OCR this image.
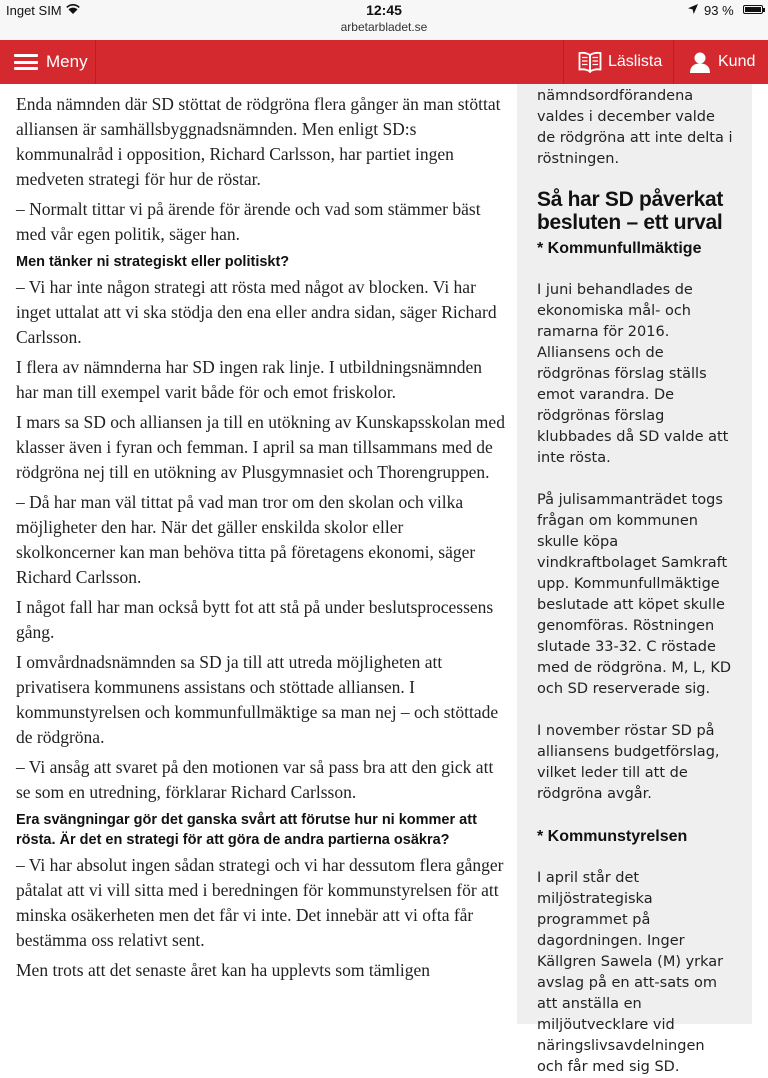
Inget SIM	12:45
arbetarbladet.se
93 %
Meny	Läslista	Kund

Enda nämnden där SD stöttat de rödgröna flera gånger än man stöttat alliansen är samhällsbyggnadsnämnden. Men enligt SD:s kommunalråd i opposition, Richard Carlsson, har partiet ingen medveten strategi för hur de röstar.

– Normalt tittar vi på ärende för ärende och vad som stämmer bäst med vår egen politik, säger han.

Men tänker ni strategiskt eller politiskt?

– Vi har inte någon strategi att rösta med något av blocken. Vi har inget uttalat att vi ska stödja den ena eller andra sidan, säger Richard Carlsson.

I flera av nämnderna har SD ingen rak linje. I utbildningsnämnden har man till exempel varit både för och emot friskolor.

I mars sa SD och alliansen ja till en utökning av Kunskapsskolan med klasser även i fyran och femman. I april sa man tillsammans med de rödgröna nej till en utökning av Plusgymnasiet och Thorengruppen.

– Då har man väl tittat på vad man tror om den skolan och vilka möjligheter den har. När det gäller enskilda skolor eller skolkoncerner kan man behöva titta på företagens ekonomi, säger Richard Carlsson.

I något fall har man också bytt fot att stå på under beslutsprocessens gång.

I omvårdnadsnämnden sa SD ja till att utreda möjligheten att privatisera kommunens assistans och stöttade alliansen. I kommunstyrelsen och kommunfullmäktige sa man nej – och stöttade de rödgröna.

– Vi ansåg att svaret på den motionen var så pass bra att den gick att se som en utredning, förklarar Richard Carlsson.

Era svängningar gör det ganska svårt att förutse hur ni kommer att rösta. Är det en strategi för att göra de andra partierna osäkra?

– Vi har absolut ingen sådan strategi och vi har dessutom flera gånger påtalat att vi vill sitta med i beredningen för kommunstyrelsen för att minska osäkerheten men det får vi inte. Det innebär att vi ofta får bestämma oss relativt sent.

Men trots att det senaste året kan ha upplevts som tämligen

nämndsordförandena valdes i december valde de rödgröna att inte delta i röstningen.

Så har SD påverkat besluten – ett urval
* Kommunfullmäktige

I juni behandlades de ekonomiska mål- och ramarna för 2016. Alliansens och de rödgrönas förslag ställs emot varandra. De rödgrönas förslag klubbades då SD valde att inte rösta.

På julisammanträdet togs frågan om kommunen skulle köpa vindkraftbolaget Samkraft upp. Kommunfullmäktige beslutade att köpet skulle genomföras. Röstningen slutade 33-32. C röstade med de rödgröna. M, L, KD och SD reserverade sig.

I november röstar SD på alliansens budgetförslag, vilket leder till att de rödgröna avgår.

* Kommunstyrelsen

I april står det miljöstrategiska programmet på dagordningen. Inger Källgren Sawela (M) yrkar avslag på en att-sats om att anställa en miljöutvecklare vid näringslivsavdelningen och får med sig SD.
